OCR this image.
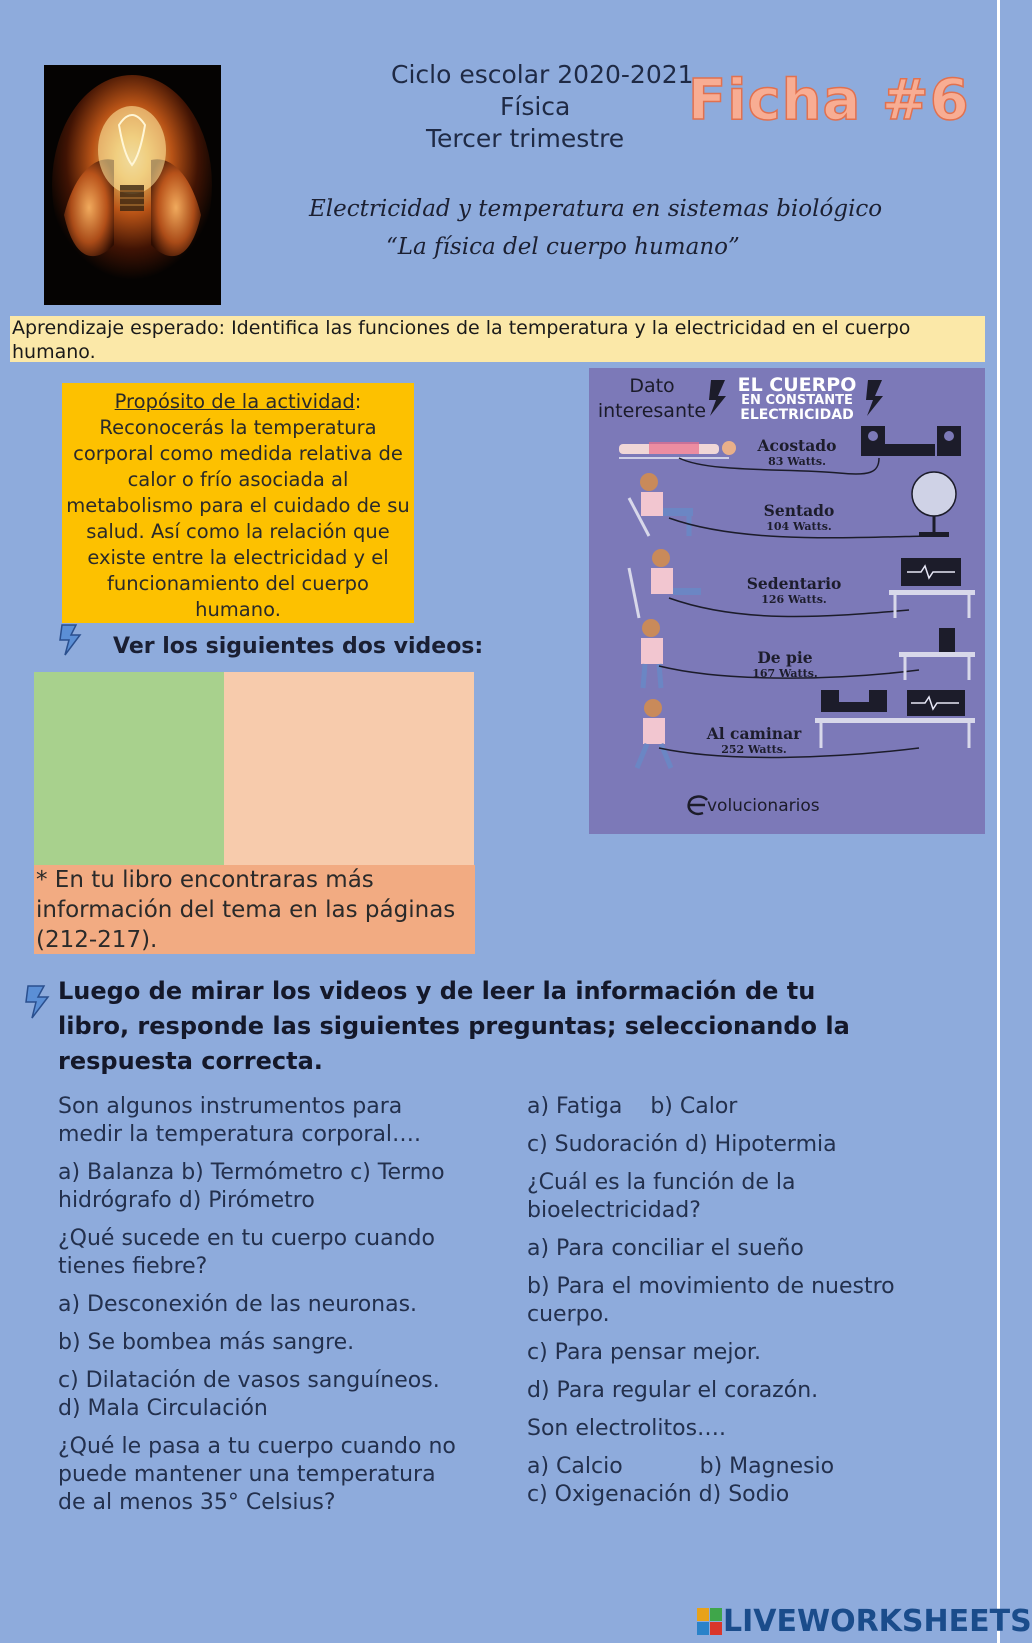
Ciclo escolar 2020-2021
Física
Tercer trimestre
Ficha #6
Electricidad y temperatura en sistemas biológico
“La física del cuerpo humano”
Aprendizaje esperado: Identifica las funciones de la temperatura y la electricidad en el cuerpo humano.
Propósito de la actividad:
Reconocerás la temperatura corporal como medida relativa de calor o frío asociada al metabolismo para el cuidado de su salud. Así como la relación que existe entre la electricidad y el funcionamiento del cuerpo humano.
Ver los siguientes dos videos:
* En tu libro encontraras más información del tema en las páginas (212-217).
Dato interesante
EL CUERPO
EN CONSTANTE
ELECTRICIDAD
Acostado
83 Watts.
Sentado
104 Watts.
Sedentario
126 Watts.
De pie
167 Watts.
Al caminar
252 Watts.
volucionarios
Luego de mirar los videos y de leer la información de tu libro, responde las siguientes preguntas; seleccionando la respuesta correcta.

Son algunos instrumentos para medir la temperatura corporal….

a) Balanza b) Termómetro c) Termo hidrógrafo d) Pirómetro

¿Qué sucede en tu cuerpo cuando tienes fiebre?

a) Desconexión de las neuronas.

b) Se bombea más sangre.

c) Dilatación de vasos sanguíneos. d) Mala Circulación

¿Qué le pasa a tu cuerpo cuando no puede mantener una temperatura de al menos 35° Celsius?

a) Fatiga    b) Calor

c) Sudoración d) Hipotermia

¿Cuál es la función de la bioelectricidad?

a) Para conciliar el sueño

b) Para el movimiento de nuestro cuerpo.

c) Para pensar mejor.

d) Para regular el corazón.

Son electrolitos….

a) Calcio           b) Magnesio c) Oxigenación d) Sodio

LIVEWORKSHEETS
